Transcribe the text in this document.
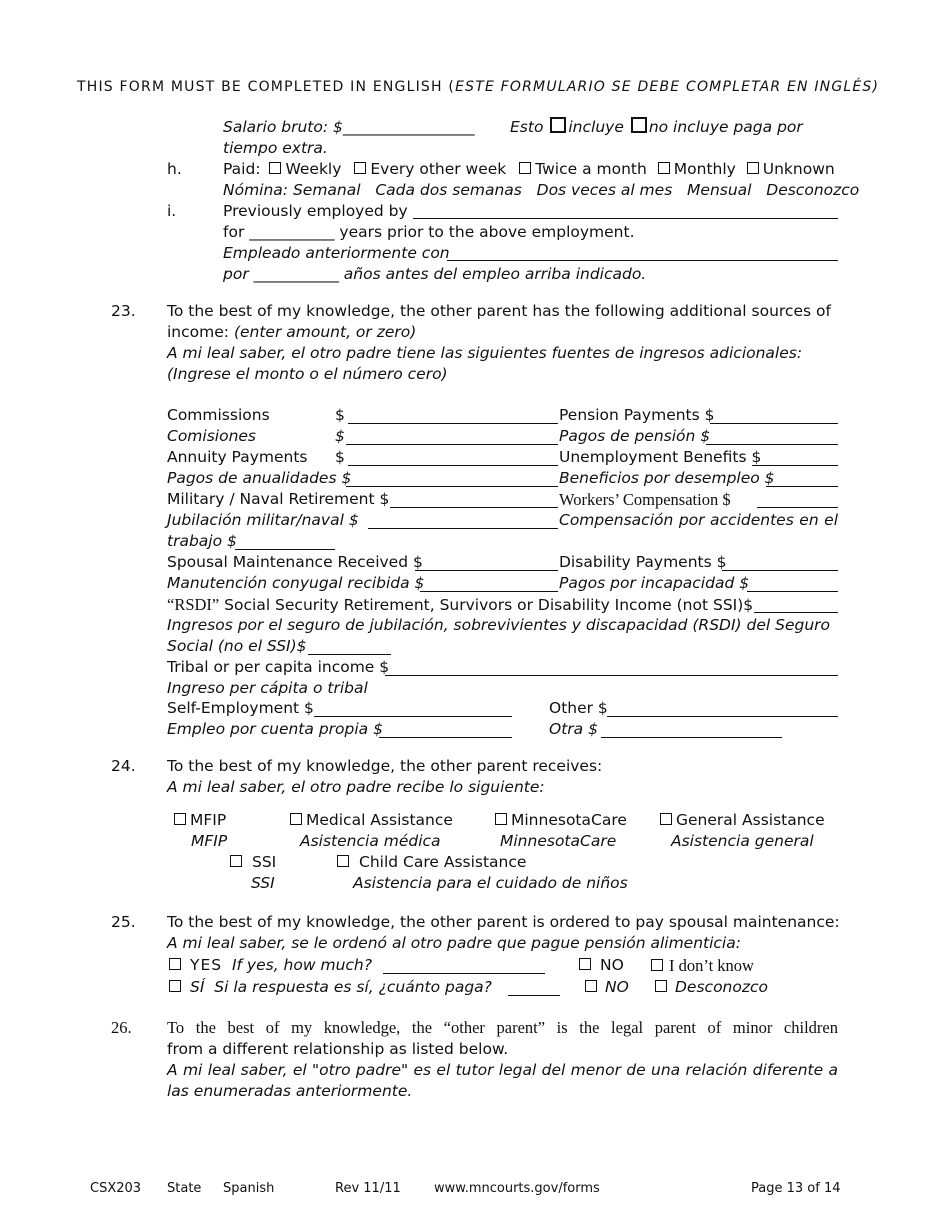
THIS FORM MUST BE COMPLETED IN ENGLISH (ESTE FORMULARIO SE DEBE COMPLETAR EN INGLÉS)
Salario bruto: $_________________ Esto incluye no incluye paga por
tiempo extra.
h.	Paid: Weekly Every other week Twice a month Monthly Unknown
Nómina: Semanal   Cada dos semanas   Dos veces al mes   Mensual   Desconozco
i.	Previously employed by
for ___________ years prior to the above employment.
Empleado anteriormente con
por ___________ años antes del empleo arriba indicado.
23. To the best of my knowledge, the other parent has the following additional sources of
income: (enter amount, or zero)
A mi leal saber, el otro padre tiene las siguientes fuentes de ingresos adicionales:
(Ingrese el monto o el número cero)
Commissions	$	Pension Payments $
Comisiones	$	Pagos de pensión $
Annuity Payments $	Unemployment Benefits $
Pagos de anualidades $	Beneficios por desempleo $
Military / Naval Retirement $	Workers’ Compensation $
Jubilación militar/naval $	Compensación por accidentes en el
trabajo $
Spousal Maintenance Received $	Disability Payments $
Manutención conyugal recibida $	Pagos por incapacidad $
“RSDI” Social Security Retirement, Survivors or Disability Income (not SSI)$
Ingresos por el seguro de jubilación, sobrevivientes y discapacidad (RSDI) del Seguro
Social (no el SSI)$
Tribal or per capita income $
Ingreso per cápita o tribal
Self-Employment $	Other $
Empleo por cuenta propia $	Otra $
24. To the best of my knowledge, the other parent receives:
A mi leal saber, el otro padre recibe lo siguiente:
MFIP
MFIP
Medical Assistance
Asistencia médica
MinnesotaCare
MinnesotaCare
General Assistance
Asistencia general
SSI
SSI
Child Care Assistance
Asistencia para el cuidado de niños
25. To the best of my knowledge, the other parent is ordered to pay spousal maintenance:
A mi leal saber, se le ordenó al otro padre que pague pensión alimenticia:
YES If yes, how much?	NO	I don’t know
SÍ Si la respuesta es sí, ¿cuánto paga?	NO	Desconozco
26. To the best of my knowledge, the “other parent” is the legal parent of minor children
from a different relationship as listed below.
A mi leal saber, el "otro padre" es el tutor legal del menor de una relación diferente a las enumeradas anteriormente.
CSX203 State Spanish	Rev 11/11	www.mncourts.gov/forms	Page 13 of 14
